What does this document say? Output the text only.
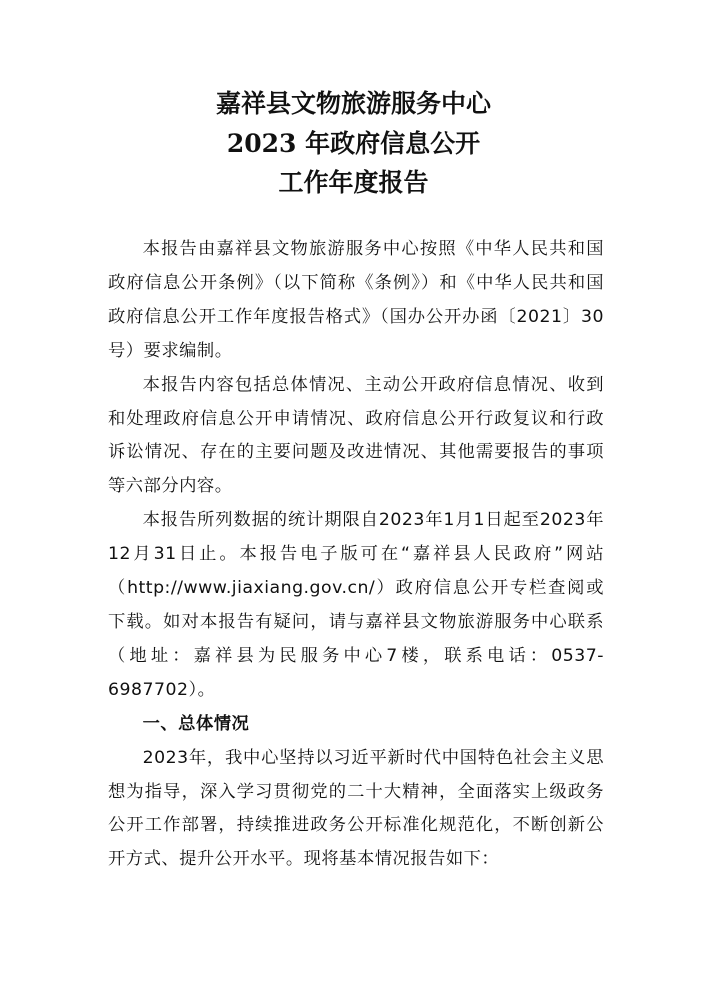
嘉祥县文物旅游服务中心
2023 年政府信息公开
工作年度报告

本报告由嘉祥县文物旅游服务中心按照《中华人民共和国政府信息公开条例》（以下简称《条例》）和《中华人民共和国政府信息公开工作年度报告格式》（国办公开办函〔2021〕30号）要求编制。

本报告内容包括总体情况、主动公开政府信息情况、收到和处理政府信息公开申请情况、政府信息公开行政复议和行政诉讼情况、存在的主要问题及改进情况、其他需要报告的事项等六部分内容。

本报告所列数据的统计期限自2023年1月1日起至2023年12月31日止。本报告电子版可在“嘉祥县人民政府”网站（http://www.jiaxiang.gov.cn/）政府信息公开专栏查阅或下载。如对本报告有疑问，请与嘉祥县文物旅游服务中心联系（地址：嘉祥县为民服务中心7楼，联系电话：0537-6987702）。

一、总体情况

2023年，我中心坚持以习近平新时代中国特色社会主义思想为指导，深入学习贯彻党的二十大精神，全面落实上级政务公开工作部署，持续推进政务公开标准化规范化，不断创新公开方式、提升公开水平。现将基本情况报告如下：
